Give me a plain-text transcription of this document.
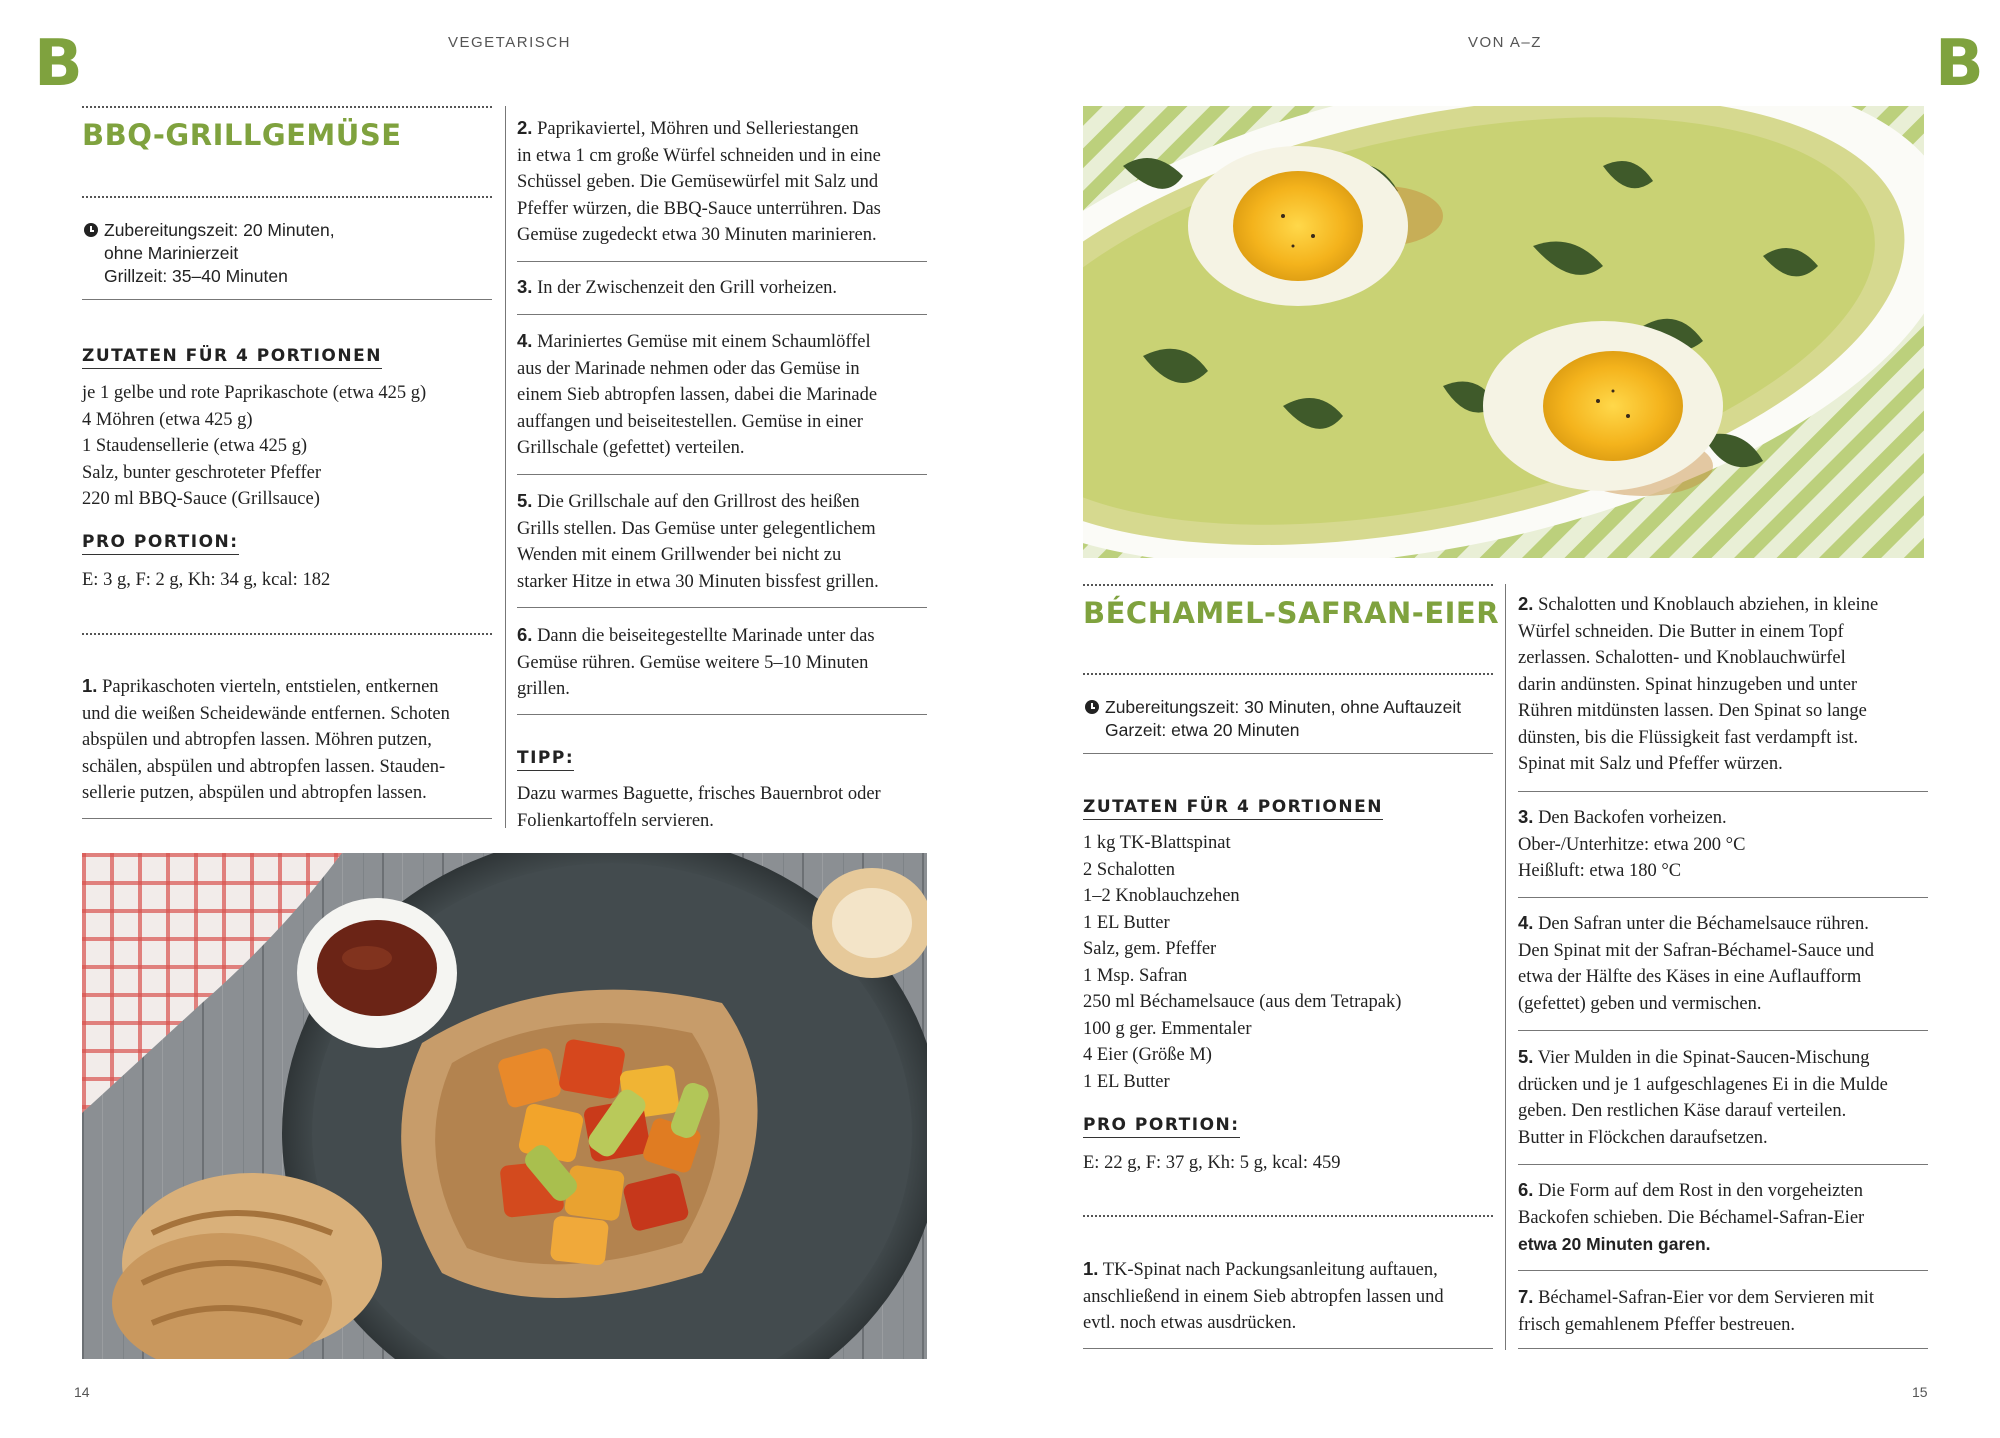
B	VEGETARISCH
BBQ-GRILLGEMÜSE
Zubereitungszeit: 20 Minuten,
ohne Marinierzeit
Grillzeit: 35–40 Minuten
ZUTATEN FÜR 4 PORTIONEN
je 1 gelbe und rote Paprikaschote (etwa 425 g)
4 Möhren (etwa 425 g)
1 Staudensellerie (etwa 425 g)
Salz, bunter geschroteter Pfeffer
220 ml BBQ-Sauce (Grillsauce)
PRO PORTION:
E: 3 g, F: 2 g, Kh: 34 g, kcal: 182
1. Paprikaschoten vierteln, entstielen, entkernen
und die weißen Scheidewände entfernen. Schoten
abspülen und abtropfen lassen. Möhren putzen,
schälen, abspülen und abtropfen lassen. Stauden-
sellerie putzen, abspülen und abtropfen lassen.
2. Paprikaviertel, Möhren und Selleriestangen
in etwa 1 cm große Würfel schneiden und in eine
Schüssel geben. Die Gemüsewürfel mit Salz und
Pfeffer würzen, die BBQ-Sauce unterrühren. Das
Gemüse zugedeckt etwa 30 Minuten marinieren.
3. In der Zwischenzeit den Grill vorheizen.
4. Mariniertes Gemüse mit einem Schaumlöffel
aus der Marinade nehmen oder das Gemüse in
einem Sieb abtropfen lassen, dabei die Marinade
auffangen und beiseitestellen. Gemüse in einer
Grillschale (gefettet) verteilen.
5. Die Grillschale auf den Grillrost des heißen
Grills stellen. Das Gemüse unter gelegentlichem
Wenden mit einem Grillwender bei nicht zu
starker Hitze in etwa 30 Minuten bissfest grillen.
6. Dann die beiseitegestellte Marinade unter das
Gemüse rühren. Gemüse weitere 5–10 Minuten
grillen.
TIPP:
Dazu warmes Baguette, frisches Bauernbrot oder
Folienkartoffeln servieren.
14
VON A–Z	B
BÉCHAMEL-SAFRAN-EIER
Zubereitungszeit: 30 Minuten, ohne Auftauzeit
Garzeit: etwa 20 Minuten
ZUTATEN FÜR 4 PORTIONEN
1 kg TK-Blattspinat
2 Schalotten
1–2 Knoblauchzehen
1 EL Butter
Salz, gem. Pfeffer
1 Msp. Safran
250 ml Béchamelsauce (aus dem Tetrapak)
100 g ger. Emmentaler
4 Eier (Größe M)
1 EL Butter
PRO PORTION:
E: 22 g, F: 37 g, Kh: 5 g, kcal: 459
1. TK-Spinat nach Packungsanleitung auftauen,
anschließend in einem Sieb abtropfen lassen und
evtl. noch etwas ausdrücken.
2. Schalotten und Knoblauch abziehen, in kleine
Würfel schneiden. Die Butter in einem Topf
zerlassen. Schalotten- und Knoblauchwürfel
darin andünsten. Spinat hinzugeben und unter
Rühren mitdünsten lassen. Den Spinat so lange
dünsten, bis die Flüssigkeit fast verdampft ist.
Spinat mit Salz und Pfeffer würzen.
3. Den Backofen vorheizen.
Ober-/Unterhitze: etwa 200 °C
Heißluft: etwa 180 °C
4. Den Safran unter die Béchamelsauce rühren.
Den Spinat mit der Safran-Béchamel-Sauce und
etwa der Hälfte des Käses in eine Auflaufform
(gefettet) geben und vermischen.
5. Vier Mulden in die Spinat-Saucen-Mischung
drücken und je 1 aufgeschlagenes Ei in die Mulde
geben. Den restlichen Käse darauf verteilen.
Butter in Flöckchen daraufsetzen.
6. Die Form auf dem Rost in den vorgeheizten
Backofen schieben. Die Béchamel-Safran-Eier
etwa 20 Minuten garen.
7. Béchamel-Safran-Eier vor dem Servieren mit
frisch gemahlenem Pfeffer bestreuen.
15
